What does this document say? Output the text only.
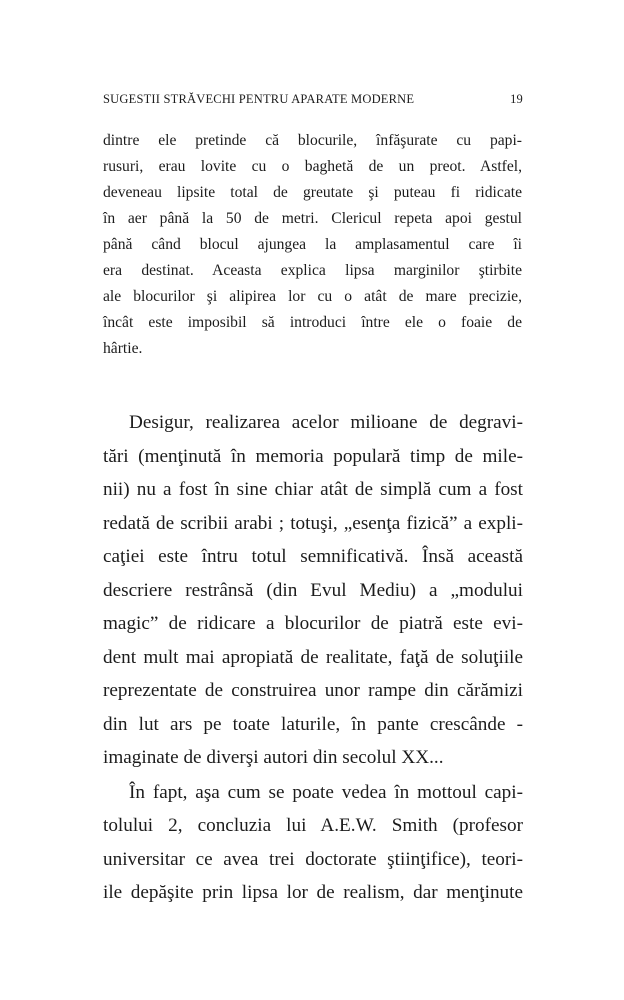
SUGESTII STRĂVECHI PENTRU APARATE MODERNE	19
dintre ele pretinde că blocurile, înfăşurate cu papi-
rusuri, erau lovite cu o baghetă de un preot. Astfel,
deveneau lipsite total de greutate şi puteau fi ridicate
în aer până la 50 de metri. Clericul repeta apoi gestul
până când blocul ajungea la amplasamentul care îi
era destinat. Aceasta explica lipsa marginilor ştirbite
ale blocurilor şi alipirea lor cu o atât de mare precizie,
încât este imposibil să introduci între ele o foaie de
hârtie.
Desigur, realizarea acelor milioane de degravi-
tări (menţinută în memoria populară timp de mile-
nii) nu a fost în sine chiar atât de simplă cum a fost
redată de scribii arabi ; totuşi, „esenţa fizică” a expli-
caţiei este întru totul semnificativă. Însă această
descriere restrânsă (din Evul Mediu) a „modului
magic” de ridicare a blocurilor de piatră este evi-
dent mult mai apropiată de realitate, faţă de soluţiile
reprezentate de construirea unor rampe din cărămizi
din lut ars pe toate laturile, în pante crescânde -
imaginate de diverşi autori din secolul XX...
În fapt, aşa cum se poate vedea în mottoul capi-
tolului 2, concluzia lui A.E.W. Smith (profesor
universitar ce avea trei doctorate ştiinţifice), teori-
ile depăşite prin lipsa lor de realism, dar menţinute
